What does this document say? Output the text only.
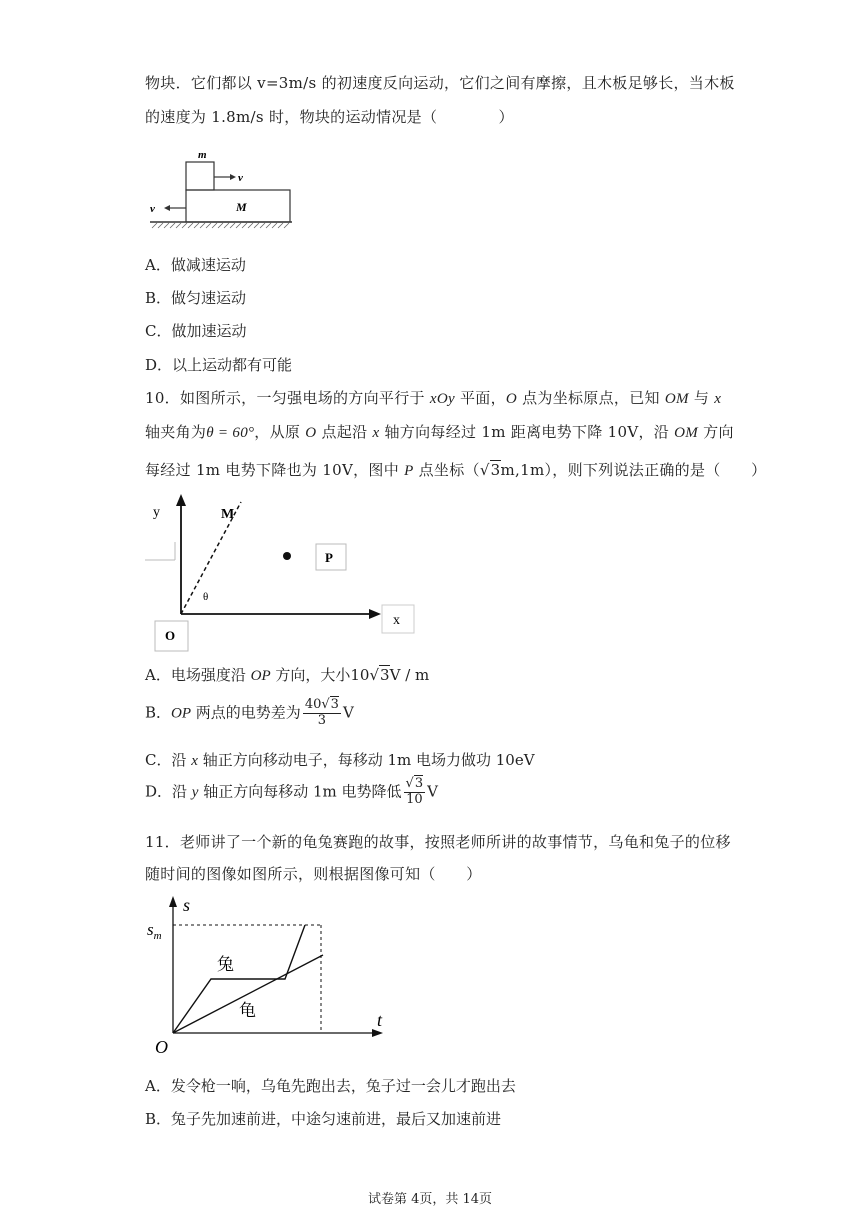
物块．它们都以 v=3m/s 的初速度反向运动，它们之间有摩擦，且木板足够长，当木板
的速度为 1.8m/s 时，物块的运动情况是（　　　　）
m
v
M
v
A．做减速运动
B．做匀速运动
C．做加速运动
D．以上运动都有可能
10．如图所示，一匀强电场的方向平行于 xOy 平面，O 点为坐标原点，已知 OM 与 x
轴夹角为θ = 60°，从原 O 点起沿 x 轴方向每经过 1m 距离电势下降 10V，沿 OM 方向
每经过 1m 电势下降也为 10V，图中 P 点坐标（√3m,1m），则下列说法正确的是（　　）
y	M
θ
P
x
O
A．电场强度沿 OP 方向，大小10√3V / m
B．OP 两点的电势差为 $\frac{40√3}{3}$ V
C．沿 x 轴正方向移动电子，每移动 1m 电场力做功 10eV
D．沿 y 轴正方向每移动 1m 电势降低 $\frac{√3}{10}$ V
11．老师讲了一个新的龟兔赛跑的故事，按照老师所讲的故事情节，乌龟和兔子的位移
随时间的图像如图所示，则根据图像可知（　　）
s
$s_m$
t
O
兔
龟
A．发令枪一响，乌龟先跑出去，兔子过一会儿才跑出去
B．兔子先加速前进，中途匀速前进，最后又加速前进
试卷第 4页，共 14页
